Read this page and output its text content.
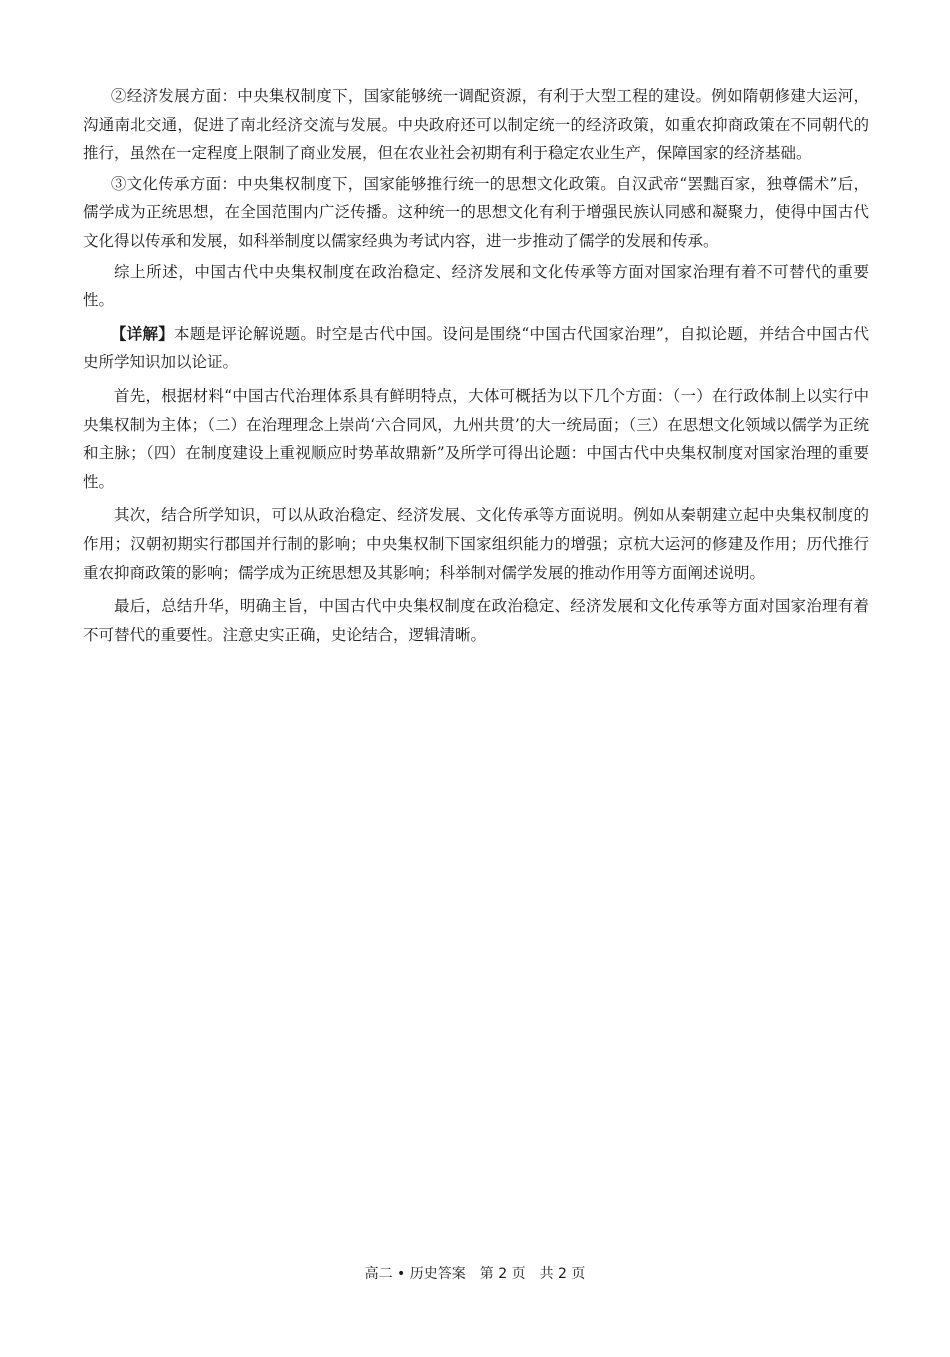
②经济发展方面：中央集权制度下，国家能够统一调配资源，有利于大型工程的建设。例如隋朝修建大运河，沟通南北交通，促进了南北经济交流与发展。中央政府还可以制定统一的经济政策，如重农抑商政策在不同朝代的推行，虽然在一定程度上限制了商业发展，但在农业社会初期有利于稳定农业生产，保障国家的经济基础。

③文化传承方面：中央集权制度下，国家能够推行统一的思想文化政策。自汉武帝“罢黜百家，独尊儒术”后，儒学成为正统思想，在全国范围内广泛传播。这种统一的思想文化有利于增强民族认同感和凝聚力，使得中国古代文化得以传承和发展，如科举制度以儒家经典为考试内容，进一步推动了儒学的发展和传承。

综上所述，中国古代中央集权制度在政治稳定、经济发展和文化传承等方面对国家治理有着不可替代的重要性。

【详解】本题是评论解说题。时空是古代中国。设问是围绕“中国古代国家治理”，自拟论题，并结合中国古代史所学知识加以论证。

首先，根据材料“中国古代治理体系具有鲜明特点，大体可概括为以下几个方面：（一）在行政体制上以实行中央集权制为主体；（二）在治理理念上崇尚‘六合同风，九州共贯’的大一统局面；（三）在思想文化领域以儒学为正统和主脉；（四）在制度建设上重视顺应时势革故鼎新”及所学可得出论题：中国古代中央集权制度对国家治理的重要性。

其次，结合所学知识，可以从政治稳定、经济发展、文化传承等方面说明。例如从秦朝建立起中央集权制度的作用；汉朝初期实行郡国并行制的影响；中央集权制下国家组织能力的增强；京杭大运河的修建及作用；历代推行重农抑商政策的影响；儒学成为正统思想及其影响；科举制对儒学发展的推动作用等方面阐述说明。

最后，总结升华，明确主旨，中国古代中央集权制度在政治稳定、经济发展和文化传承等方面对国家治理有着不可替代的重要性。注意史实正确，史论结合，逻辑清晰。

高二 • 历史答案　第 2 页　共 2 页
